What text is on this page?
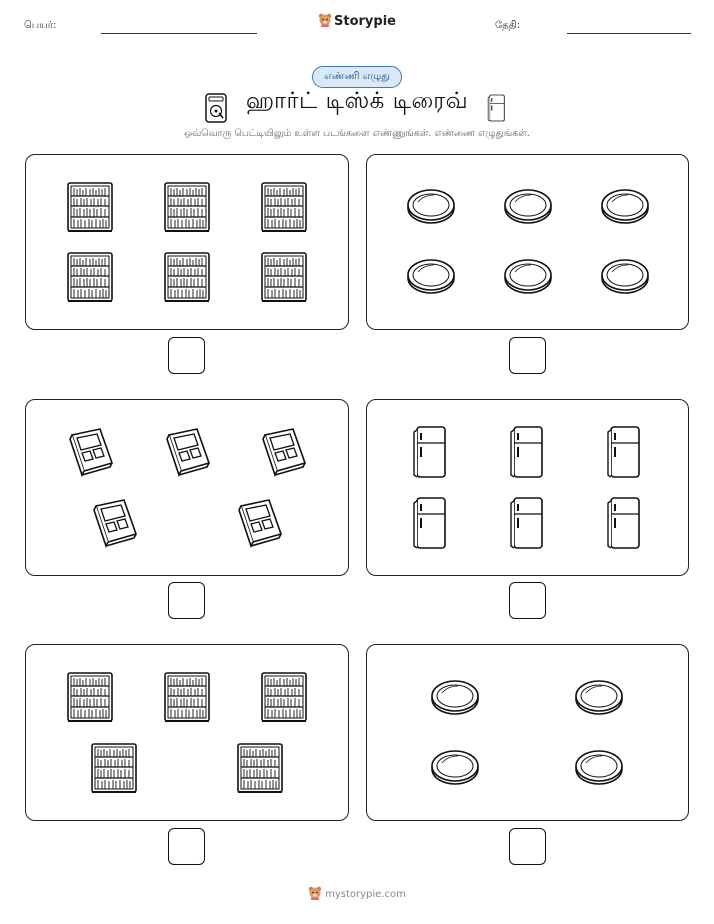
பெயர்:	Storypie	தேதி:
எண்ணி எழுது
ஹார்ட் டிஸ்க் டிரைவ்
ஒவ்வொரு பெட்டியிலும் உள்ள படங்களை எண்ணுங்கள். எண்ணை எழுதுங்கள்.
mystorypie.com
